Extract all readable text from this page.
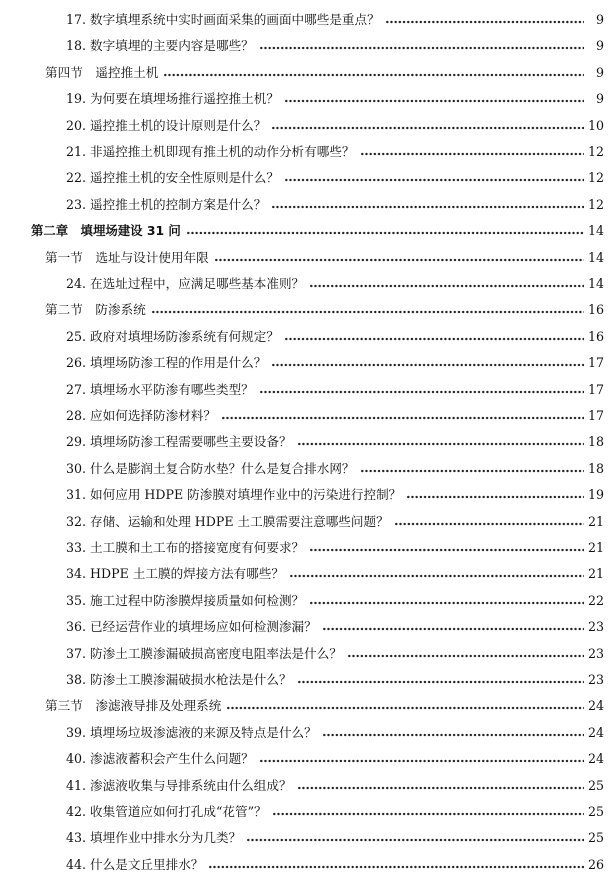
17. 数字填埋系统中实时画面采集的画面中哪些是重点？	9
18. 数字填埋的主要内容是哪些？	9
第四节　遥控推土机	9
19. 为何要在填埋场推行遥控推土机？	9
20. 遥控推土机的设计原则是什么？	10
21. 非遥控推土机即现有推土机的动作分析有哪些？	12
22. 遥控推土机的安全性原则是什么？	12
23. 遥控推土机的控制方案是什么？	12
第二章　填埋场建设 31 问	14
第一节　选址与设计使用年限	14
24. 在选址过程中，应满足哪些基本准则？	14
第二节　防渗系统	16
25. 政府对填埋场防渗系统有何规定？	16
26. 填埋场防渗工程的作用是什么？	17
27. 填埋场水平防渗有哪些类型？	17
28. 应如何选择防渗材料？	17
29. 填埋场防渗工程需要哪些主要设备？	18
30. 什么是膨润土复合防水垫？什么是复合排水网？	18
31. 如何应用 HDPE 防渗膜对填埋作业中的污染进行控制？	19
32. 存储、运输和处理 HDPE 土工膜需要注意哪些问题？	21
33. 土工膜和土工布的搭接宽度有何要求？	21
34. HDPE 土工膜的焊接方法有哪些？	21
35. 施工过程中防渗膜焊接质量如何检测？	22
36. 已经运营作业的填埋场应如何检测渗漏？	23
37. 防渗土工膜渗漏破损高密度电阻率法是什么？	23
38. 防渗土工膜渗漏破损水枪法是什么？	23
第三节　渗滤液导排及处理系统	24
39. 填埋场垃圾渗滤液的来源及特点是什么？	24
40. 渗滤液蓄积会产生什么问题？	24
41. 渗滤液收集与导排系统由什么组成？	25
42. 收集管道应如何打孔成“花管”？	25
43. 填埋作业中排水分为几类？	25
44. 什么是文丘里排水？	26
